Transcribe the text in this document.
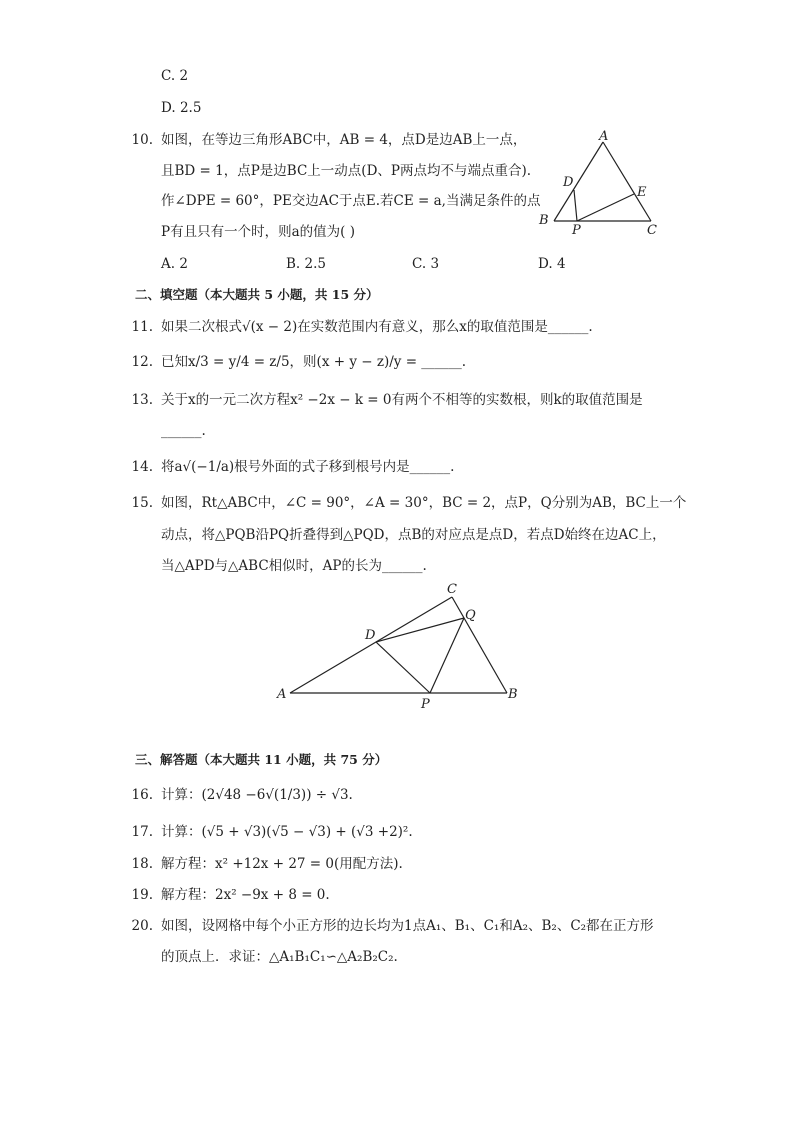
C. 2
D. 2.5
10. 如图，在等边三角形ABC中，AB = 4，点D是边AB上一点，
且BD = 1，点P是边BC上一动点(D、P两点均不与端点重合).
作∠DPE = 60°，PE交边AC于点E.若CE = a,当满足条件的点
P有且只有一个时，则a的值为( )
A
B
C
D
E
P
A. 2	B. 2.5	C. 3	D. 4
二、填空题（本大题共 5 小题，共 15 分）
11. 如果二次根式√(x − 2)在实数范围内有意义，那么x的取值范围是______.
12. 已知x/3 = y/4 = z/5，则(x + y − z)/y = ______.
13. 关于x的一元二次方程x² −2x − k = 0有两个不相等的实数根，则k的取值范围是
______.
14. 将a√(−1/a)根号外面的式子移到根号内是______.
15. 如图，Rt△ABC中，∠C = 90°，∠A = 30°，BC = 2，点P，Q分别为AB，BC上一个
动点，将△PQB沿PQ折叠得到△PQD，点B的对应点是点D，若点D始终在边AC上，
当△APD与△ABC相似时，AP的长为______.
A	B
C
D
P
Q
三、解答题（本大题共 11 小题，共 75 分）
16. 计算：(2√48 −6√(1/3)) ÷ √3.
17. 计算：(√5 + √3)(√5 − √3) + (√3 +2)².
18. 解方程：x² +12x + 27 = 0(用配方法).
19. 解方程：2x² −9x + 8 = 0.
20. 如图，设网格中每个小正方形的边长均为1点A₁、B₁、C₁和A₂、B₂、C₂都在正方形
的顶点上．求证：△A₁B₁C₁∽△A₂B₂C₂.
